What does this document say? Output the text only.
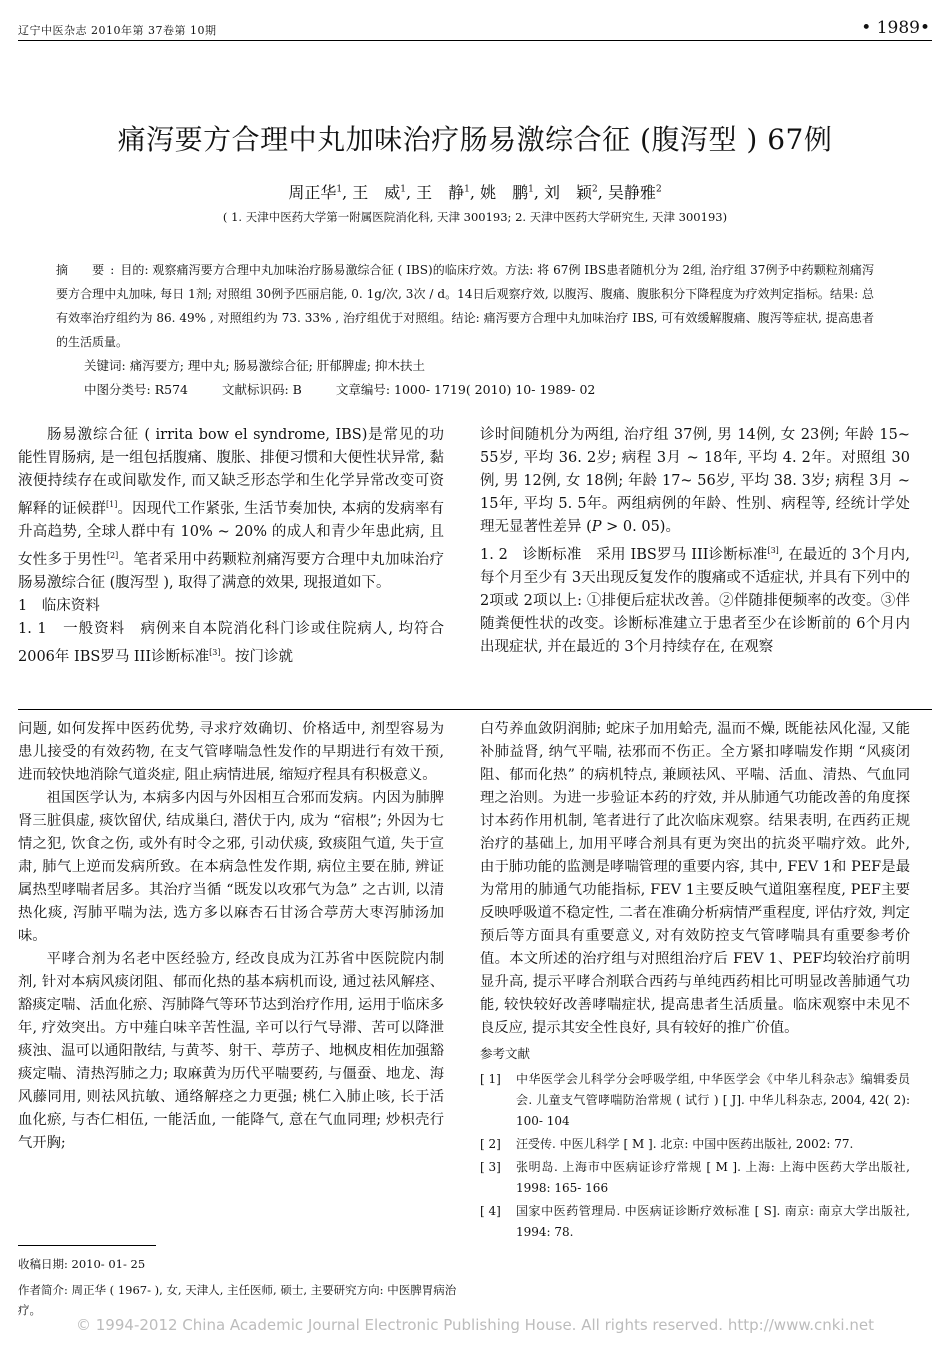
辽宁中医杂志 2010年第 37卷第 10期	• 1989•
痛泻要方合理中丸加味治疗肠易激综合征 (腹泻型 ) 67例
周正华$^1$, 王　威$^1$, 王　静$^1$, 姚　鹏$^1$, 刘　颖$^2$, 吴静雅$^2$
( 1. 天津中医药大学第一附属医院消化科, 天津 300193; 2. 天津中医药大学研究生, 天津 300193)
摘　要:目的: 观察痛泻要方合理中丸加味治疗肠易激综合征 ( IBS)的临床疗效。方法: 将 67例 IBS患者随机分为 2组, 治疗组 37例予中药颗粒剂痛泻要方合理中丸加味, 每日 1剂; 对照组 30例予匹丽启能, 0. 1g/次, 3次 / d。14日后观察疗效, 以腹泻、腹痛、腹胀积分下降程度为疗效判定指标。结果: 总有效率治疗组约为 86. 49% , 对照组约为 73. 33% , 治疗组优于对照组。结论: 痛泻要方合理中丸加味治疗 IBS, 可有效缓解腹痛、腹泻等症状, 提高患者的生活质量。
关键词: 痛泻要方; 理中丸; 肠易激综合征; 肝郁脾虚; 抑木扶土
中图分类号: R574	文献标识码: B	文章编号: 1000- 1719( 2010) 10- 1989- 02

肠易激综合征 ( irrita bow el syndrome, IBS)是常见的功能性胃肠病, 是一组包括腹痛、腹胀、排便习惯和大便性状异常, 黏液便持续存在或间歇发作, 而又缺乏形态学和生化学异常改变可资解释的证候群[1]。因现代工作紧张, 生活节奏加快, 本病的发病率有升高趋势, 全球人群中有 10% ~ 20% 的成人和青少年患此病, 且女性多于男性[2]。笔者采用中药颗粒剂痛泻要方合理中丸加味治疗肠易激综合征 (腹泻型 ), 取得了满意的效果, 现报道如下。

1　临床资料

1. 1　一般资料　 病例来自本院消化科门诊或住院病人, 均符合 2006年 IBS罗马 III诊断标准[3]。按门诊就

诊时间随机分为两组, 治疗组 37例, 男 14例, 女 23例; 年龄 15~ 55岁, 平均 36. 2岁; 病程 3月 ~ 18年, 平均 4. 2年。对照组 30例, 男 12例, 女 18例; 年龄 17~ 56岁, 平均 38. 3岁; 病程 3月 ~ 15年, 平均 5. 5年。两组病例的年龄、性别、病程等, 经统计学处理无显著性差异 (P > 0. 05)。

1. 2　诊断标准　 采用 IBS罗马 III诊断标准[3], 在最近的 3个月内, 每个月至少有 3天出现反复发作的腹痛或不适症状, 并具有下列中的 2项或 2项以上: ①排便后症状改善。②伴随排便频率的改变。③伴随粪便性状的改变。诊断标准建立于患者至少在诊断前的 6个月内出现症状, 并在最近的 3个月持续存在, 在观察

问题, 如何发挥中医药优势, 寻求疗效确切、价格适中, 剂型容易为患儿接受的有效药物, 在支气管哮喘急性发作的早期进行有效干预, 进而较快地消除气道炎症, 阻止病情进展, 缩短疗程具有积极意义。

祖国医学认为, 本病多内因与外因相互合邪而发病。内因为肺脾肾三脏俱虚, 痰饮留伏, 结成巢臼, 潜伏于内, 成为 “宿根”; 外因为七情之犯, 饮食之伤, 或外有时令之邪, 引动伏痰, 致痰阻气道, 失于宣肃, 肺气上逆而发病所致。在本病急性发作期, 病位主要在肺, 辨证属热型哮喘者居多。其治疗当循 “既发以攻邪气为急” 之古训, 以清热化痰, 泻肺平喘为法, 选方多以麻杏石甘汤合葶苈大枣泻肺汤加味。

平哮合剂为名老中医经验方, 经改良成为江苏省中医院院内制剂, 针对本病风痰闭阻、郁而化热的基本病机而设, 通过祛风解痉、豁痰定喘、活血化瘀、泻肺降气等环节达到治疗作用, 运用于临床多年, 疗效突出。方中薤白味辛苦性温, 辛可以行气导滞、苦可以降泄痰浊、温可以通阳散结, 与黄芩、射干、葶苈子、地枫皮相佐加强豁痰定喘、清热泻肺之力; 取麻黄为历代平喘要药, 与僵蚕、地龙、海风藤同用, 则祛风抗敏、通络解痉之力更强; 桃仁入肺止咳, 长于活血化瘀, 与杏仁相伍, 一能活血, 一能降气, 意在气血同理; 炒枳壳行气开胸;

白芍养血敛阴润肺; 蛇床子加用蛤壳, 温而不燥, 既能祛风化湿, 又能补肺益肾, 纳气平喘, 祛邪而不伤正。全方紧扣哮喘发作期 “风痰闭阻、郁而化热” 的病机特点, 兼顾祛风、平喘、活血、清热、气血同理之治则。为进一步验证本药的疗效, 并从肺通气功能改善的角度探讨本药作用机制, 笔者进行了此次临床观察。结果表明, 在西药正规治疗的基础上, 加用平哮合剂具有更为突出的抗炎平喘疗效。此外, 由于肺功能的监测是哮喘管理的重要内容, 其中, FEV 1和 PEF是最为常用的肺通气功能指标, FEV 1主要反映气道阻塞程度, PEF主要反映呼吸道不稳定性, 二者在准确分析病情严重程度, 评估疗效, 判定预后等方面具有重要意义, 对有效防控支气管哮喘具有重要参考价值。本文所述的治疗组与对照组治疗后 FEV 1、PEF均较治疗前明显升高, 提示平哮合剂联合西药与单纯西药相比可明显改善肺通气功能, 较快较好改善哮喘症状, 提高患者生活质量。临床观察中未见不良反应, 提示其安全性良好, 具有较好的推广价值。

参考文献
[ 1]	中华医学会儿科学分会呼吸学组, 中华医学会《中华儿科杂志》编辑委员会. 儿童支气管哮喘防治常规 ( 试行 ) [ J]. 中华儿科杂志, 2004, 42( 2): 100- 104
[ 2]	汪受传. 中医儿科学 [ M ]. 北京: 中国中医药出版社, 2002: 77.
[ 3]	张明岛. 上海市中医病证诊疗常规 [ M ]. 上海: 上海中医药大学出版社, 1998: 165- 166
[ 4]	国家中医药管理局. 中医病证诊断疗效标准 [ S]. 南京: 南京大学出版社, 1994: 78.
收稿日期: 2010- 01- 25
作者简介: 周正华 ( 1967- ), 女, 天津人, 主任医师, 硕士, 主要研究方向: 中医脾胃病治疗。
© 1994-2012 China Academic Journal Electronic Publishing House. All rights reserved. http://www.cnki.net
